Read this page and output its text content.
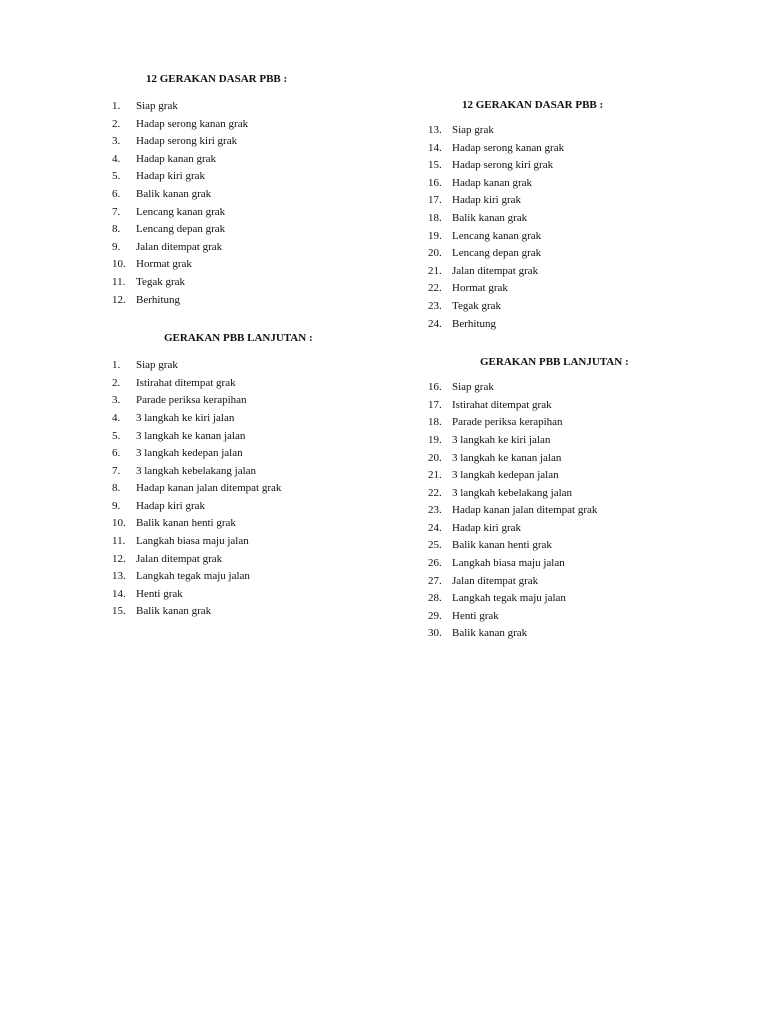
12 GERAKAN DASAR PBB :
1.	Siap grak
2.	Hadap serong kanan grak
3.	Hadap serong kiri grak
4.	Hadap kanan grak
5.	Hadap kiri grak
6.	Balik kanan grak
7.	Lencang kanan grak
8.	Lencang depan grak
9.	Jalan ditempat grak
10. Hormat grak
11. Tegak grak
12. Berhitung
GERAKAN PBB LANJUTAN :
1.	Siap grak
2.	Istirahat ditempat grak
3.	Parade periksa kerapihan
4.	3 langkah ke kiri jalan
5.	3 langkah ke kanan jalan
6.	3 langkah kedepan jalan
7.	3 langkah kebelakang jalan
8.	Hadap kanan jalan ditempat grak
9.	Hadap kiri grak
10. Balik kanan henti grak
11. Langkah biasa maju jalan
12. Jalan ditempat grak
13. Langkah tegak maju jalan
14. Henti grak
15. Balik kanan grak
12 GERAKAN DASAR PBB :
13. Siap grak
14. Hadap serong kanan grak
15. Hadap serong kiri grak
16. Hadap kanan grak
17. Hadap kiri grak
18. Balik kanan grak
19. Lencang kanan grak
20. Lencang depan grak
21. Jalan ditempat grak
22. Hormat grak
23. Tegak grak
24. Berhitung
GERAKAN PBB LANJUTAN :
16. Siap grak
17. Istirahat ditempat grak
18. Parade periksa kerapihan
19. 3 langkah ke kiri jalan
20. 3 langkah ke kanan jalan
21. 3 langkah kedepan jalan
22. 3 langkah kebelakang jalan
23. Hadap kanan jalan ditempat grak
24. Hadap kiri grak
25. Balik kanan henti grak
26. Langkah biasa maju jalan
27. Jalan ditempat grak
28. Langkah tegak maju jalan
29. Henti grak
30. Balik kanan grak
